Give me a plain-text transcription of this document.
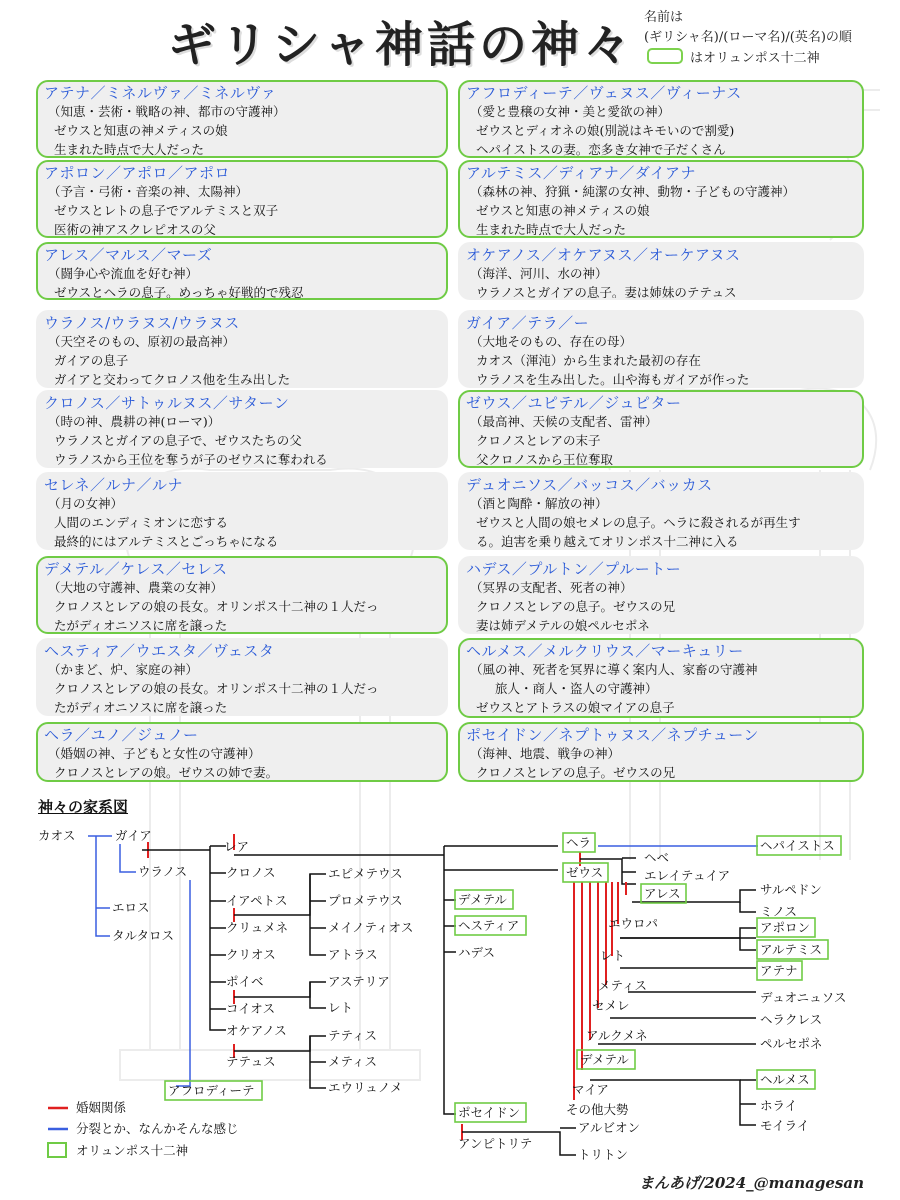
ギリシャ神話の神々 名前は
(ギリシャ名)/(ローマ名)/(英名)の順
はオリュンポス十二神
アテナ／ミネルヴァ／ミネルヴァ
（知恵・芸術・戦略の神、都市の守護神）
ゼウスと知恵の神メティスの娘
生まれた時点で大人だった
アポロン／アポロ／アポロ
（予言・弓術・音楽の神、太陽神）
ゼウスとレトの息子でアルテミスと双子
医術の神アスクレピオスの父
アレス／マルス／マーズ
（闘争心や流血を好む神）
ゼウスとヘラの息子。めっちゃ好戦的で残忍
ウラノス/ウラヌス/ウラヌス
（天空そのもの、原初の最高神）
ガイアの息子
ガイアと交わってクロノス他を生み出した
クロノス／サトゥルヌス／サターン
（時の神、農耕の神(ローマ)）
ウラノスとガイアの息子で、ゼウスたちの父
ウラノスから王位を奪うが子のゼウスに奪われる
セレネ／ルナ／ルナ
（月の女神）
人間のエンディミオンに恋する
最終的にはアルテミスとごっちゃになる
デメテル／ケレス／セレス
（大地の守護神、農業の女神）
クロノスとレアの娘の長女。オリンポス十二神の１人だっ
たがディオニソスに席を譲った
ヘスティア／ウエスタ／ヴェスタ
（かまど、炉、家庭の神）
クロノスとレアの娘の長女。オリンポス十二神の１人だっ
たがディオニソスに席を譲った
ヘラ／ユノ／ジュノー
（婚姻の神、子どもと女性の守護神）
クロノスとレアの娘。ゼウスの姉で妻。
アフロディーテ／ヴェヌス／ヴィーナス
（愛と豊穣の女神・美と愛欲の神）
ゼウスとディオネの娘(別説はキモいので割愛)
ヘパイストスの妻。恋多き女神で子だくさん
アルテミス／ディアナ／ダイアナ
（森林の神、狩猟・純潔の女神、動物・子どもの守護神）
ゼウスと知恵の神メティスの娘
生まれた時点で大人だった
オケアノス／オケアヌス／オーケアヌス
（海洋、河川、水の神）
ウラノスとガイアの息子。妻は姉妹のテテュス
ガイア／テラ／ー
（大地そのもの、存在の母）
カオス（渾沌）から生まれた最初の存在
ウラノスを生み出した。山や海もガイアが作った
ゼウス／ユピテル／ジュピター
（最高神、天候の支配者、雷神）
クロノスとレアの末子
父クロノスから王位奪取
デュオニソス／バッコス／バッカス
（酒と陶酔・解放の神）
ゼウスと人間の娘セメレの息子。ヘラに殺されるが再生す
る。迫害を乗り越えてオリンポス十二神に入る
ハデス／プルトン／プルートー
（冥界の支配者、死者の神）
クロノスとレアの息子。ゼウスの兄
妻は姉デメテルの娘ペルセポネ
ヘルメス／メルクリウス／マーキュリー
（風の神、死者を冥界に導く案内人、家畜の守護神
　　旅人・商人・盗人の守護神）
ゼウスとアトラスの娘マイアの息子
ポセイドン／ネプトゥヌス／ネプチューン
（海神、地震、戦争の神）
クロノスとレアの息子。ゼウスの兄
神々の家系図
カオス	ガイア
ウラノス
エロス
タルタロス
レア
クロノス
イアペトス
クリュメネ
クリオス
ポイベ
コイオス
オケアノス
テテュス
エピメテウス
プロメテウス
メイノティオス
アトラス
アステリア
レト
テティス
メティス
エウリュノメ
アフロディーテ
デメテル
ヘスティア
ハデス
ポセイドン
アンピトリテ
アルビオン
トリトン
ヘラ
ゼウス
ヘベ
エレイテュイア
アレス
ヘパイストス
エウロパ
レト
メティス
セメレ
アルクメネ
デメテル
マイア
その他大勢
サルペドン
ミノス
アポロン
アルテミス
アテナ
デュオニュソス
ヘラクレス
ペルセポネ
ヘルメス
ホライ
モイライ
婚姻関係
分裂とか、なんかそんな感じ
オリュンポス十二神
まんあげ/2024_@managesan
